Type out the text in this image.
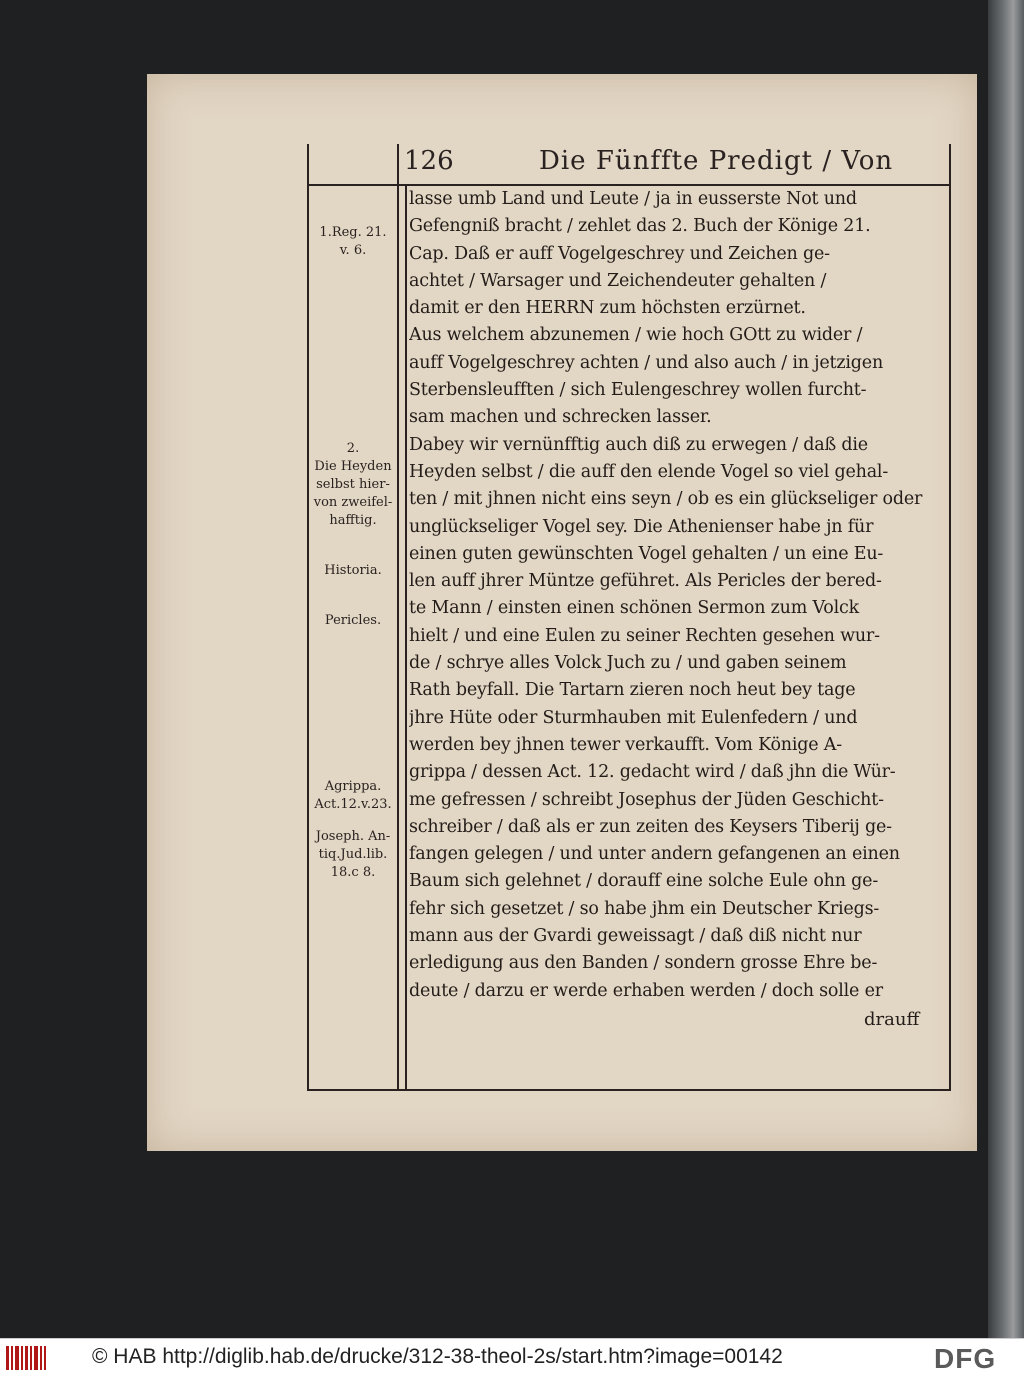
126	Die Fünffte Predigt / Von
1.Reg. 21.
v. 6.
2.
Die Heyden
selbst hier-
von zweifel-
hafftig.
Historia.
Pericles.
Agrippa.
Act.12.v.23.
Joseph. An-
tiq.Jud.lib.
18.c 8.
lasse umb Land und Leute / ja in eusserste Not und
Gefengniß bracht / zehlet das 2. Buch der Könige 21.
Cap. Daß er auff Vogelgeschrey und Zeichen ge-
achtet / Warsager und Zeichendeuter gehalten /
damit er den HERRN zum höchsten erzürnet.
Aus welchem abzunemen / wie hoch GOtt zu wider /
auff Vogelgeschrey achten / und also auch / in jetzigen
Sterbensleufften / sich Eulengeschrey wollen furcht-
sam machen und schrecken lasser.
Dabey wir vernünfftig auch diß zu erwegen / daß die
Heyden selbst / die auff den elende Vogel so viel gehal-
ten / mit jhnen nicht eins seyn / ob es ein glückseliger oder
unglückseliger Vogel sey. Die Athenienser habe jn für
einen guten gewünschten Vogel gehalten / un eine Eu-
len auff jhrer Müntze geführet. Als Pericles der bered-
te Mann / einsten einen schönen Sermon zum Volck
hielt / und eine Eulen zu seiner Rechten gesehen wur-
de / schrye alles Volck Juch zu / und gaben seinem
Rath beyfall. Die Tartarn zieren noch heut bey tage
jhre Hüte oder Sturmhauben mit Eulenfedern / und
werden bey jhnen tewer verkaufft. Vom Könige A-
grippa / dessen Act. 12. gedacht wird / daß jhn die Wür-
me gefressen / schreibt Josephus der Jüden Geschicht-
schreiber / daß als er zun zeiten des Keysers Tiberij ge-
fangen gelegen / und unter andern gefangenen an einen
Baum sich gelehnet / dorauff eine solche Eule ohn ge-
fehr sich gesetzet / so habe jhm ein Deutscher Kriegs-
mann aus der Gvardi geweissagt / daß diß nicht nur
erledigung aus den Banden / sondern grosse Ehre be-
deute / darzu er werde erhaben werden / doch solle er
drauff
© HAB http://diglib.hab.de/drucke/312-38-theol-2s/start.htm?image=00142	DFG
